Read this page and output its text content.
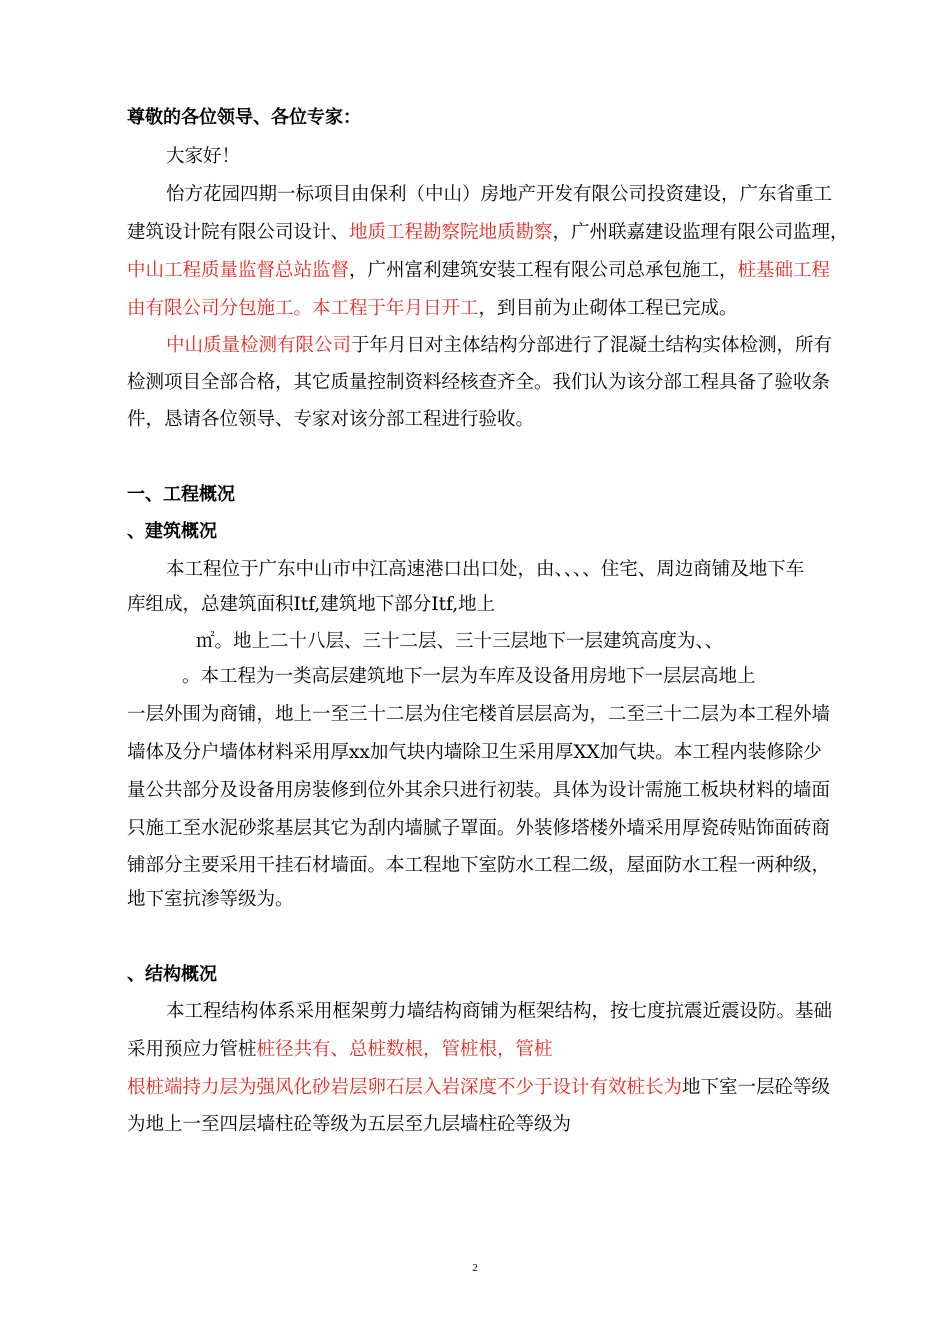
尊敬的各位领导、各位专家：
大家好！
怡方花园四期一标项目由保利（中山）房地产开发有限公司投资建设，广东省重工
建筑设计院有限公司设计、地质工程勘察院地质勘察，广州联嘉建设监理有限公司监理，
中山工程质量监督总站监督，广州富利建筑安装工程有限公司总承包施工，桩基础工程
由有限公司分包施工。本工程于年月日开工，到目前为止砌体工程已完成。
中山质量检测有限公司于年月日对主体结构分部进行了混凝土结构实体检测，所有
检测项目全部合格，其它质量控制资料经核查齐全。我们认为该分部工程具备了验收条
件，恳请各位领导、专家对该分部工程进行验收。
一、工程概况
、建筑概况
本工程位于广东中山市中江高速港口出口处，由、、、、住宅、周边商铺及地下车
库组成，总建筑面积Itf,建筑地下部分Itf,地上
㎡。地上二十八层、三十二层、三十三层地下一层建筑高度为、、
。本工程为一类高层建筑地下一层为车库及设备用房地下一层层高地上
一层外围为商铺，地上一至三十二层为住宅楼首层层高为，二至三十二层为本工程外墙
墙体及分户墙体材料采用厚xx加气块内墙除卫生采用厚XX加气块。本工程内装修除少
量公共部分及设备用房装修到位外其余只进行初装。具体为设计需施工板块材料的墙面
只施工至水泥砂浆基层其它为刮内墙腻子罩面。外装修塔楼外墙采用厚瓷砖贴饰面砖商
铺部分主要采用干挂石材墙面。本工程地下室防水工程二级，屋面防水工程一两种级，
地下室抗渗等级为。
、结构概况
本工程结构体系采用框架剪力墙结构商铺为框架结构，按七度抗震近震设防。基础
采用预应力管桩桩径共有、总桩数根，管桩根，管桩
根桩端持力层为强风化砂岩层卵石层入岩深度不少于设计有效桩长为地下室一层砼等级
为地上一至四层墙柱砼等级为五层至九层墙柱砼等级为
2
